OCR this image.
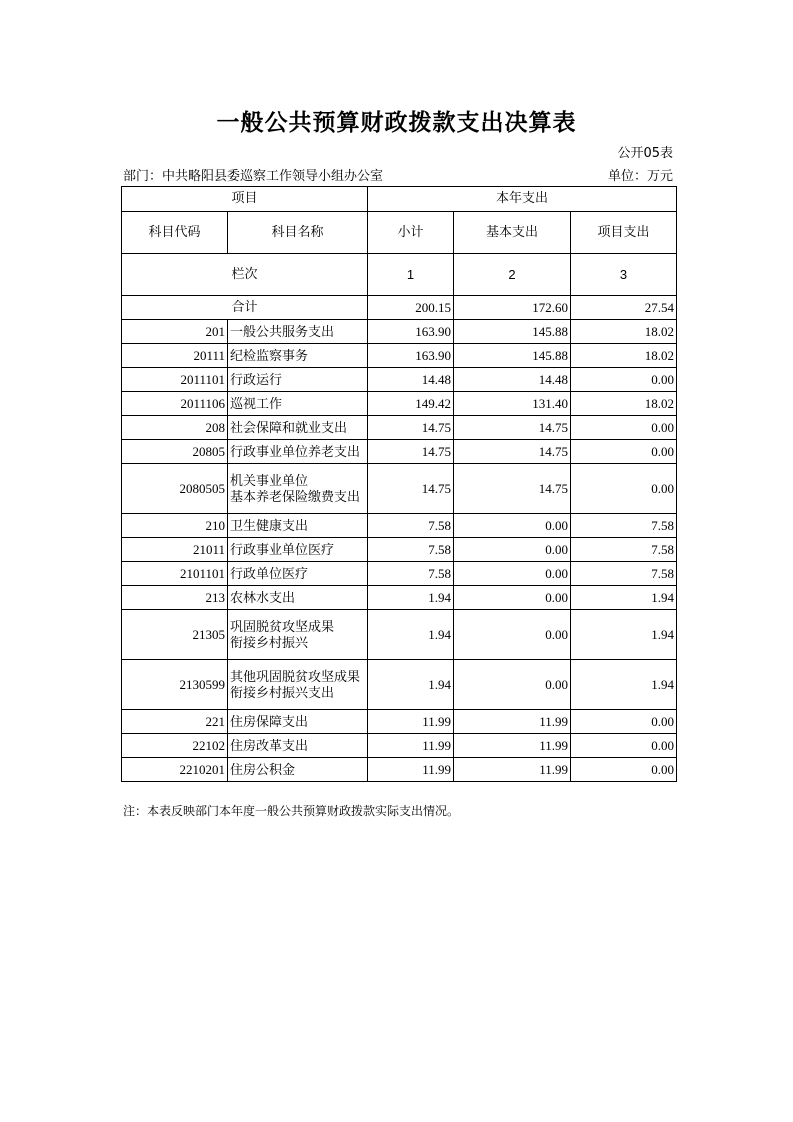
一般公共预算财政拨款支出决算表
公开05表
部门：中共略阳县委巡察工作领导小组办公室	单位：万元
项目		本年支出		
科目代码	科目名称	小计	基本支出	项目支出
栏次		1	2	3
合计		200.15	172.60	27.54
201	一般公共服务支出	163.90	145.88	18.02
20111	纪检监察事务	163.90	145.88	18.02
2011101	行政运行	14.48	14.48	0.00
2011106	巡视工作	149.42	131.40	18.02
208	社会保障和就业支出	14.75	14.75	0.00
20805	行政事业单位养老支出	14.75	14.75	0.00
2080505	机关事业单位
基本养老保险缴费支出	14.75	14.75	0.00
210	卫生健康支出	7.58	0.00	7.58
21011	行政事业单位医疗	7.58	0.00	7.58
2101101	行政单位医疗	7.58	0.00	7.58
213	农林水支出	1.94	0.00	1.94
21305	巩固脱贫攻坚成果
衔接乡村振兴	1.94	0.00	1.94
2130599	其他巩固脱贫攻坚成果
衔接乡村振兴支出	1.94	0.00	1.94
221	住房保障支出	11.99	11.99	0.00
22102	住房改革支出	11.99	11.99	0.00
2210201	住房公积金	11.99	11.99	0.00
注：本表反映部门本年度一般公共预算财政拨款实际支出情况。
